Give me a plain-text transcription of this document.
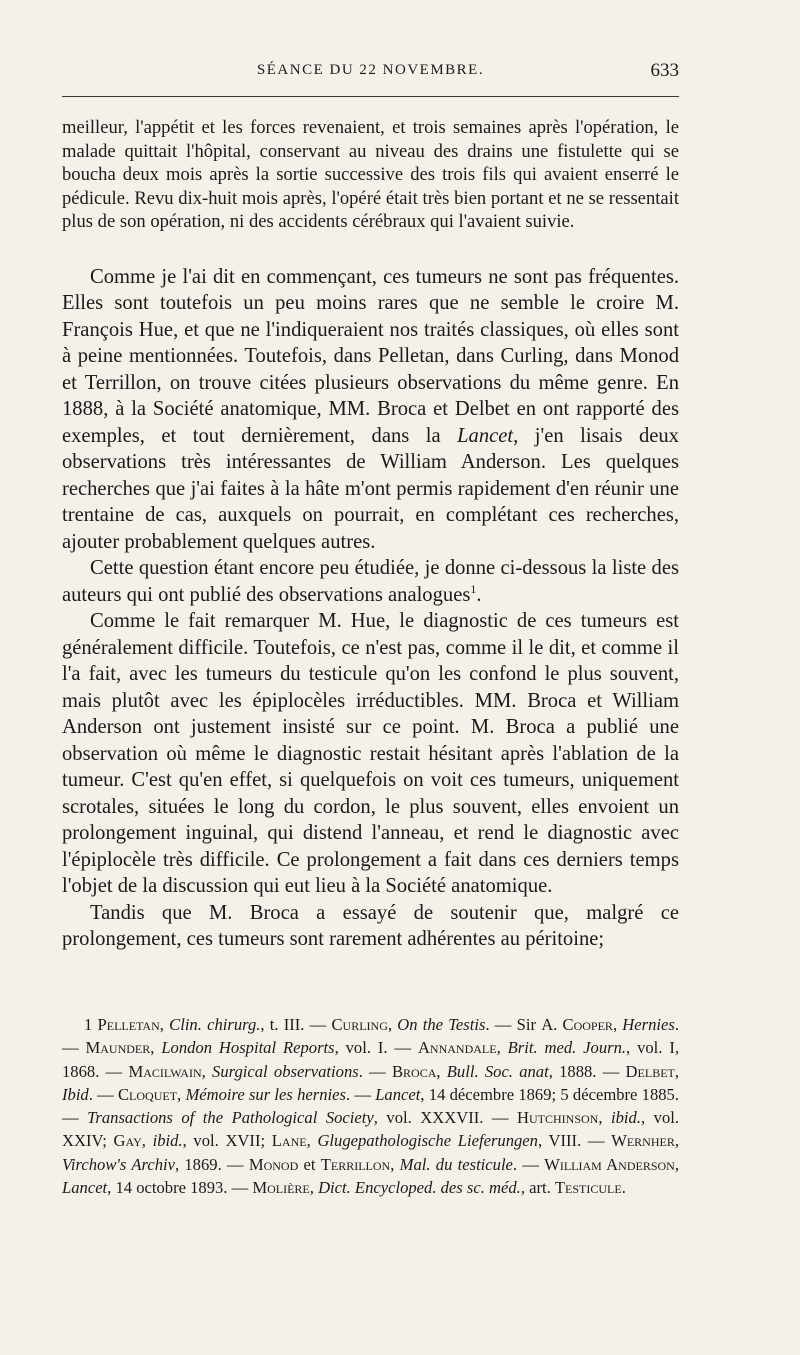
SÉANCE DU 22 NOVEMBRE.	633

meilleur, l'appétit et les forces revenaient, et trois semaines après l'opération, le malade quittait l'hôpital, conservant au niveau des drains une fistulette qui se boucha deux mois après la sortie successive des trois fils qui avaient enserré le pédicule. Revu dix-huit mois après, l'opéré était très bien portant et ne se ressentait plus de son opération, ni des accidents cérébraux qui l'avaient suivie.

Comme je l'ai dit en commençant, ces tumeurs ne sont pas fréquentes. Elles sont toutefois un peu moins rares que ne semble le croire M. François Hue, et que ne l'indiqueraient nos traités classiques, où elles sont à peine mentionnées. Toutefois, dans Pelletan, dans Curling, dans Monod et Terrillon, on trouve citées plusieurs observations du même genre. En 1888, à la Société anatomique, MM. Broca et Delbet en ont rapporté des exemples, et tout dernièrement, dans la Lancet, j'en lisais deux observations très intéressantes de William Anderson. Les quelques recherches que j'ai faites à la hâte m'ont permis rapidement d'en réunir une trentaine de cas, auxquels on pourrait, en complétant ces recherches, ajouter probablement quelques autres.

Cette question étant encore peu étudiée, je donne ci-dessous la liste des auteurs qui ont publié des observations analogues$^1$.

Comme le fait remarquer M. Hue, le diagnostic de ces tumeurs est généralement difficile. Toutefois, ce n'est pas, comme il le dit, et comme il l'a fait, avec les tumeurs du testicule qu'on les confond le plus souvent, mais plutôt avec les épiplocèles irréductibles. MM. Broca et William Anderson ont justement insisté sur ce point. M. Broca a publié une observation où même le diagnostic restait hésitant après l'ablation de la tumeur. C'est qu'en effet, si quelquefois on voit ces tumeurs, uniquement scrotales, situées le long du cordon, le plus souvent, elles envoient un prolongement inguinal, qui distend l'anneau, et rend le diagnostic avec l'épiplocèle très difficile. Ce prolongement a fait dans ces derniers temps l'objet de la discussion qui eut lieu à la Société anatomique.

Tandis que M. Broca a essayé de soutenir que, malgré ce prolongement, ces tumeurs sont rarement adhérentes au péritoine;

1 Pelletan, Clin. chirurg., t. III. — Curling, On the Testis. — Sir A. Cooper, Hernies. — Maunder, London Hospital Reports, vol. I. — Annandale, Brit. med. Journ., vol. I, 1868. — Macilwain, Surgical observations. — Broca, Bull. Soc. anat, 1888. — Delbet, Ibid. — Cloquet, Mémoire sur les hernies. — Lancet, 14 décembre 1869; 5 décembre 1885. — Transactions of the Pathological Society, vol. XXXVII. — Hutchinson, ibid., vol. XXIV; Gay, ibid., vol. XVII; Lane, Glugepathologische Lieferungen, VIII. — Wernher, Virchow's Archiv, 1869. — Monod et Terrillon, Mal. du testicule. — William Anderson, Lancet, 14 octobre 1893. — Molière, Dict. Encycloped. des sc. méd., art. Testicule.
